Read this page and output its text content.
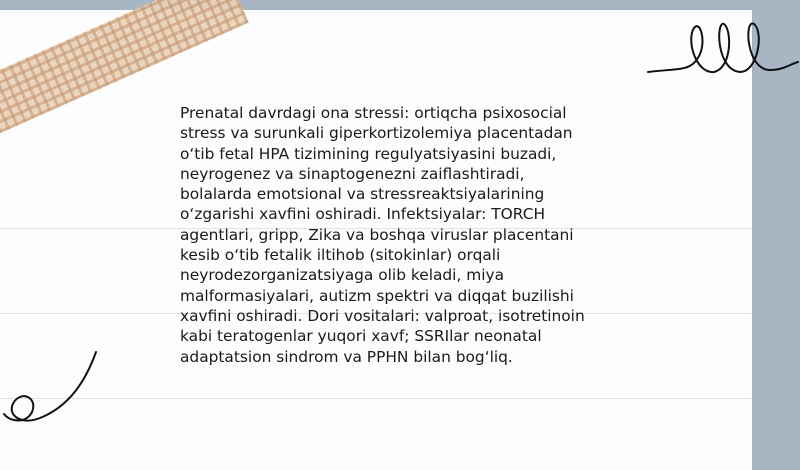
Prenatal davrdagi ona stressi: ortiqcha psixosocial
stress va surunkali giperkortizolemiya placentadan
o‘tib fetal HPA tizimining regulyatsiyasini buzadi,
neyrogenez va sinaptogenezni zaiflashtiradi,
bolalarda emotsional va stressreaktsiyalarining
o‘zgarishi xavfini oshiradi. Infektsiyalar: TORCH
agentlari, gripp, Zika va boshqa viruslar placentani
kesib o‘tib fetalik iltihob (sitokinlar) orqali
neyrodezorganizatsiyaga olib keladi, miya
malformasiyalari, autizm spektri va diqqat buzilishi
xavfini oshiradi. Dori vositalari: valproat, isotretinoin
kabi teratogenlar yuqori xavf; SSRIlar neonatal
adaptatsion sindrom va PPHN bilan bog‘liq.
